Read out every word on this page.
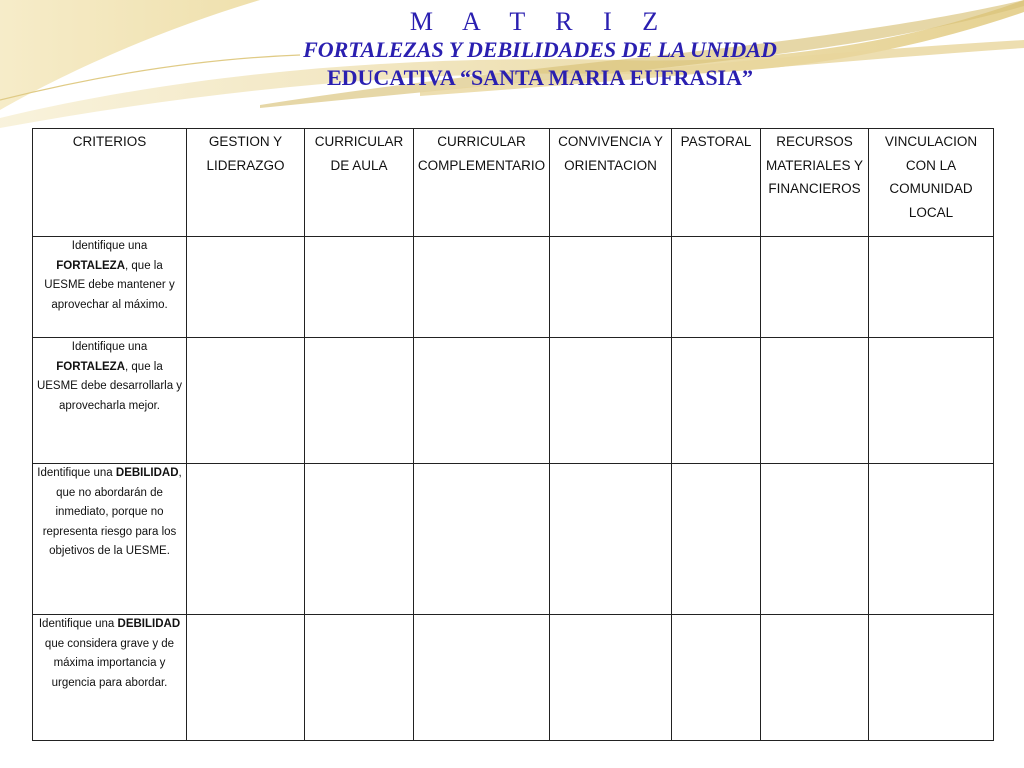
M A T R I Z

FORTALEZAS Y DEBILIDADES DE LA UNIDAD

EDUCATIVA “SANTA MARIA EUFRASIA”

CRITERIOS	GESTION Y LIDERAZGO	CURRICULAR DE AULA	CURRICULAR COMPLEMENTARIO	CONVIVENCIA Y ORIENTACION	PASTORAL	RECURSOS MATERIALES Y FINANCIEROS	VINCULACION CON LA COMUNIDAD LOCAL
Identifique una FORTALEZA, que la UESME debe mantener y aprovechar al máximo.							
Identifique una FORTALEZA, que la UESME debe desarrollarla y aprovecharla mejor.							
Identifique una DEBILIDAD, que no abordarán de inmediato, porque no representa riesgo para los objetivos de la UESME.							
Identifique una DEBILIDAD que considera grave y de máxima importancia y urgencia para abordar.							
